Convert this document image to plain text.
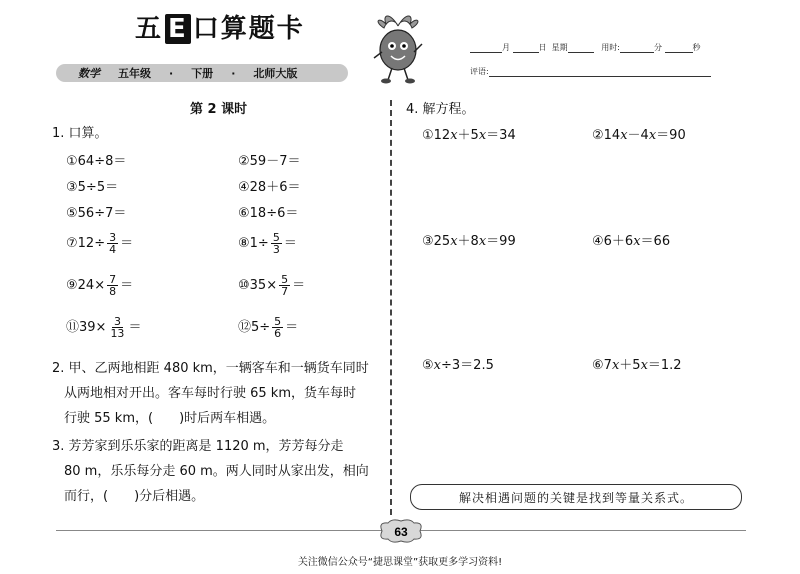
五 E 口算题卡
数学 五年级 · 下册 · 北师大版
月	日 星期	用时:	分	秒
评语:
第 2 课时
1. 口算。
①64÷8＝	②59－7＝
③5÷5＝	④28＋6＝
⑤56÷7＝	⑥18÷6＝
⑦12÷ $\frac{3}{4}$ ＝	⑧1÷ $\frac{5}{3}$ ＝
⑨24× $\frac{7}{8}$ ＝	⑩35× $\frac{5}{7}$ ＝
⑪39× $\frac{3}{13}$ ＝	⑫5÷ $\frac{5}{6}$ ＝
2. 甲、乙两地相距 480 km，一辆客车和一辆货车同时
从两地相对开出。客车每时行驶 65 km，货车每时
行驶 55 km，(　　)时后两车相遇。
3. 芳芳家到乐乐家的距离是 1120 m，芳芳每分走
80 m，乐乐每分走 60 m。两人同时从家出发，相向
而行，(　　)分后相遇。
4. 解方程。
①12x＋5x＝34	②14x－4x＝90
③25x＋8x＝99	④6＋6x＝66
⑤x÷3＝2.5	⑥7x＋5x＝1.2
解决相遇问题的关键是找到等量关系式。
63
关注微信公众号“捷思课堂”获取更多学习资料!
